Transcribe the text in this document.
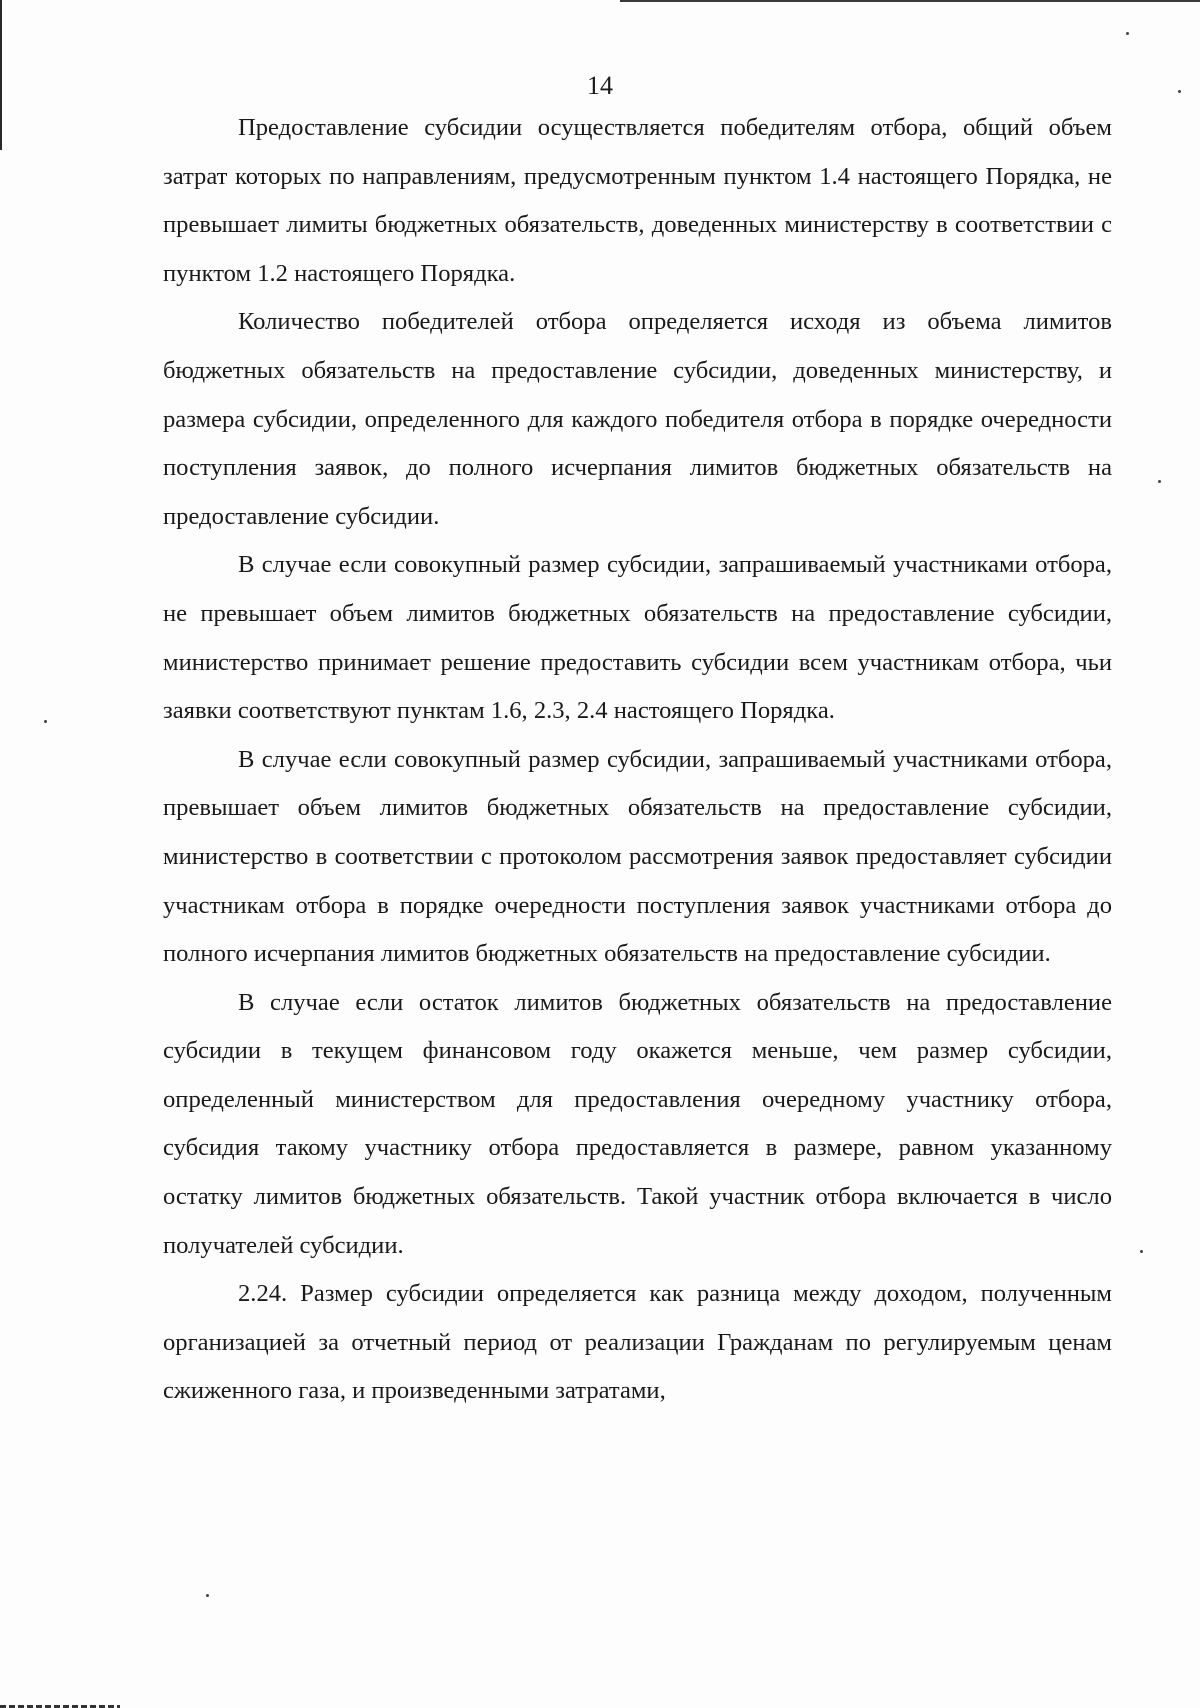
14

Предоставление субсидии осуществляется победителям отбора, общий объем затрат которых по направлениям, предусмотренным пунктом 1.4 настоящего Порядка, не превышает лимиты бюджетных обязательств, доведенных министерству в соответствии с пунктом 1.2 настоящего Порядка.

Количество победителей отбора определяется исходя из объема лимитов бюджетных обязательств на предоставление субсидии, доведенных министерству, и размера субсидии, определенного для каждого победителя отбора в порядке очередности поступления заявок, до полного исчерпания лимитов бюджетных обязательств на предоставление субсидии.

В случае если совокупный размер субсидии, запрашиваемый участниками отбора, не превышает объем лимитов бюджетных обязательств на предоставление субсидии, министерство принимает решение предоставить субсидии всем участникам отбора, чьи заявки соответствуют пунктам 1.6, 2.3, 2.4 настоящего Порядка.

В случае если совокупный размер субсидии, запрашиваемый участниками отбора, превышает объем лимитов бюджетных обязательств на предоставление субсидии, министерство в соответствии с протоколом рассмотрения заявок предоставляет субсидии участникам отбора в порядке очередности поступления заявок участниками отбора до полного исчерпания лимитов бюджетных обязательств на предоставление субсидии.

В случае если остаток лимитов бюджетных обязательств на предоставление субсидии в текущем финансовом году окажется меньше, чем размер субсидии, определенный министерством для предоставления очередному участнику отбора, субсидия такому участнику отбора предоставляется в размере, равном указанному остатку лимитов бюджетных обязательств. Такой участник отбора включается в число получателей субсидии.

2.24. Размер субсидии определяется как разница между доходом, полученным организацией за отчетный период от реализации Гражданам по регулируемым ценам сжиженного газа, и произведенными затратами,
